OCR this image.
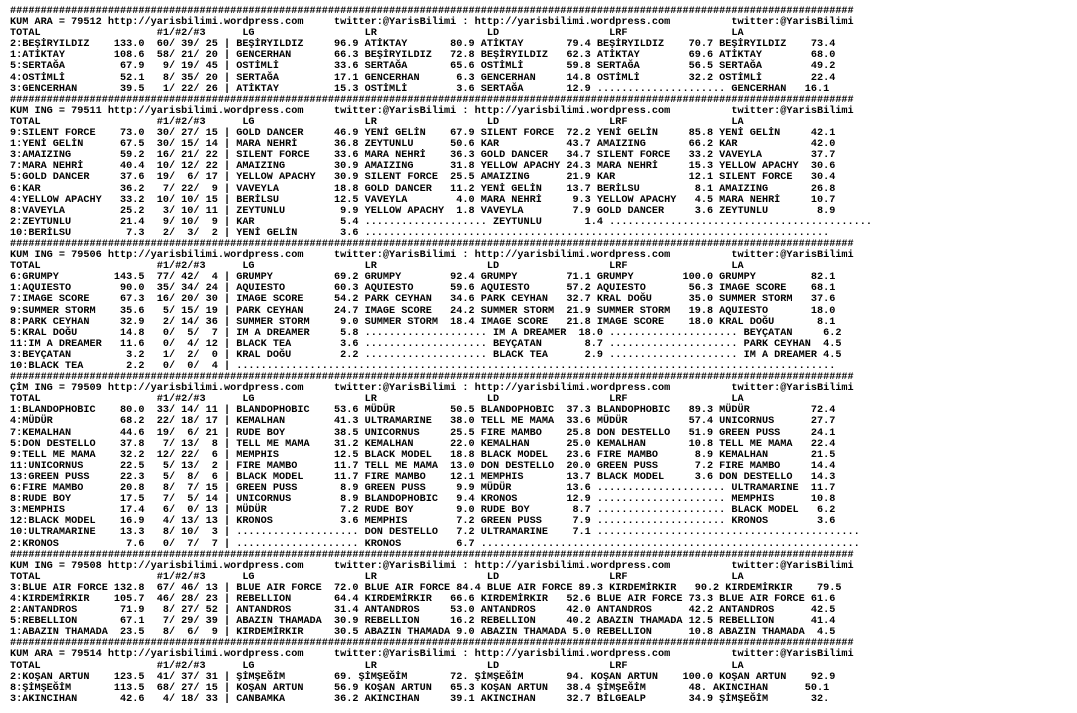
##########################################################################################################################################
KUM ARA = 79512 http://yarisbilimi.wordpress.com     twitter:@YarisBilimi : http://yarisbilimi.wordpress.com          twitter:@YarisBilimi
TOTAL                   #1/#2/#3      LG                  LR                  LD                  LRF                 LA
2:BEŞİRYILDIZ    133.0  60/ 39/ 25 | BEŞİRYILDIZ     96.9 ATİKTAY       80.9 ATİKTAY       79.4 BEŞİRYILDIZ    70.7 BEŞİRYILDIZ    73.4
1:ATİKTAY        108.6  58/ 21/ 20 | GENCERHAN       66.3 BEŞİRYILDIZ   72.8 BEŞİRYILDIZ   62.3 ATİKTAY        69.6 ATİKTAY        68.0
5:SERTAĞA         67.9   9/ 19/ 45 | OSTİMLİ         33.6 SERTAĞA       65.6 OSTİMLİ       59.8 SERTAĞA        56.5 SERTAĞA        49.2
4:OSTİMLİ         52.1   8/ 35/ 20 | SERTAĞA         17.1 GENCERHAN      6.3 GENCERHAN     14.8 OSTİMLİ        32.2 OSTİMLİ        22.4
3:GENCERHAN       39.5   1/ 22/ 26 | ATİKTAY         15.3 OSTİMLİ        3.6 SERTAĞA       12.9 ..................... GENCERHAN   16.1
##########################################################################################################################################
KUM ING = 79511 http://yarisbilimi.wordpress.com     twitter:@YarisBilimi : http://yarisbilimi.wordpress.com          twitter:@YarisBilimi
TOTAL                   #1/#2/#3      LG                  LR                  LD                  LRF                 LA
9:SILENT FORCE    73.0  30/ 27/ 15 | GOLD DANCER     46.9 YENİ GELİN    67.9 SILENT FORCE  72.2 YENİ GELİN     85.8 YENİ GELİN     42.1
1:YENİ GELİN      67.5  30/ 15/ 14 | MARA NEHRİ      36.8 ZEYTUNLU      50.6 KAR           43.7 AMAIZING       66.2 KAR            42.0
3:AMAIZING        59.2  16/ 21/ 22 | SILENT FORCE    33.6 MARA NEHRİ    36.3 GOLD DANCER   34.7 SILENT FORCE   33.2 VAVEYLA        37.7
7:MARA NEHRİ      40.4  10/ 12/ 22 | AMAIZING        30.9 AMAIZING      31.8 YELLOW APACHY 24.3 MARA NEHRİ     15.3 YELLOW APACHY  30.6
5:GOLD DANCER     37.6  19/  6/ 17 | YELLOW APACHY   30.9 SILENT FORCE  25.5 AMAIZING      21.9 KAR            12.1 SILENT FORCE   30.4
6:KAR             36.2   7/ 22/  9 | VAVEYLA         18.8 GOLD DANCER   11.2 YENİ GELİN    13.7 BERİLSU         8.1 AMAIZING       26.8
4:YELLOW APACHY   33.2  10/ 10/ 15 | BERİLSU         12.5 VAVEYLA        4.0 MARA NEHRİ     9.3 YELLOW APACHY   4.5 MARA NEHRİ     10.7
8:VAVEYLA         25.2   3/ 10/ 11 | ZEYTUNLU         9.9 YELLOW APACHY  1.8 VAVEYLA        7.9 GOLD DANCER     3.6 ZEYTUNLU        8.9
2:ZEYTUNLU        21.4   9/ 10/  9 | KAR              5.4 .................... ZEYTUNLU       1.4 ...........................................
10:BERİLSU         7.3   2/  3/  2 | YENİ GELİN       3.6 ............................................................................
##########################################################################################################################################
KUM ING = 79506 http://yarisbilimi.wordpress.com     twitter:@YarisBilimi : http://yarisbilimi.wordpress.com          twitter:@YarisBilimi
TOTAL                   #1/#2/#3      LG                  LR                  LD                  LRF                 LA
6:GRUMPY         143.5  77/ 42/  4 | GRUMPY          69.2 GRUMPY        92.4 GRUMPY        71.1 GRUMPY        100.0 GRUMPY         82.1
1:AQUIESTO        90.0  35/ 34/ 24 | AQUIESTO        60.3 AQUIESTO      59.6 AQUIESTO      57.2 AQUIESTO       56.3 IMAGE SCORE    68.1
7:IMAGE SCORE     67.3  16/ 20/ 30 | IMAGE SCORE     54.2 PARK CEYHAN   34.6 PARK CEYHAN   32.7 KRAL DOĞU      35.0 SUMMER STORM   37.6
9:SUMMER STORM    35.6   5/ 15/ 19 | PARK CEYHAN     24.7 IMAGE SCORE   24.2 SUMMER STORM  21.9 SUMMER STORM   19.8 AQUIESTO       18.0
8:PARK CEYHAN     32.9   2/ 14/ 36 | SUMMER STORM     9.0 SUMMER STORM  18.4 IMAGE SCORE   21.8 IMAGE SCORE    18.0 KRAL DOĞU       8.1
5:KRAL DOĞU       14.8   0/  5/  7 | IM A DREAMER     5.8 .................... IM A DREAMER  18.0 ..................... BEYÇATAN     6.2
11:IM A DREAMER   11.6   0/  4/ 12 | BLACK TEA        3.6 .................... BEYÇATAN       8.7 ..................... PARK CEYHAN  4.5
3:BEYÇATAN         3.2   1/  2/  0 | KRAL DOĞU        2.2 .................... BLACK TEA      2.9 ..................... IM A DREAMER 4.5
10:BLACK TEA       2.2   0/  0/  4 | ..................................................................................................
##########################################################################################################################################
ÇİM ING = 79509 http://yarisbilimi.wordpress.com     twitter:@YarisBilimi : http://yarisbilimi.wordpress.com          twitter:@YarisBilimi
TOTAL                   #1/#2/#3      LG                  LR                  LD                  LRF                 LA
1:BLANDOPHOBIC    80.0  33/ 14/ 11 | BLANDOPHOBIC    53.6 MÜDÜR         50.5 BLANDOPHOBIC  37.3 BLANDOPHOBIC   89.3 MÜDÜR          72.4
4:MÜDÜR           68.2  22/ 18/ 17 | KEMALHAN        41.3 ULTRAMARINE   38.0 TELL ME MAMA  33.6 MÜDÜR          57.4 UNICORNUS      27.7
7:KEMALHAN        44.6  19/  6/ 21 | RUDE BOY        38.5 UNICORNUS     25.5 FIRE MAMBO    25.8 DON DESTELLO   51.9 GREEN PUSS     24.1
5:DON DESTELLO    37.8   7/ 13/  8 | TELL ME MAMA    31.2 KEMALHAN      22.0 KEMALHAN      25.0 KEMALHAN       10.8 TELL ME MAMA   22.4
9:TELL ME MAMA    32.2  12/ 22/  6 | MEMPHIS         12.5 BLACK MODEL   18.8 BLACK MODEL   23.6 FIRE MAMBO      8.9 KEMALHAN       21.5
11:UNICORNUS      22.5   5/ 13/  2 | FIRE MAMBO      11.7 TELL ME MAMA  13.0 DON DESTELLO  20.0 GREEN PUSS      7.2 FIRE MAMBO     14.4
13:GREEN PUSS     22.3   5/  8/  6 | BLACK MODEL     11.7 FIRE MAMBO    12.1 MEMPHIS       13.7 BLACK MODEL     3.6 DON DESTELLO   14.3
6:FIRE MAMBO      20.8   8/  7/ 15 | GREEN PUSS       8.9 GREEN PUSS     9.9 MÜDÜR         13.6 ..................... ULTRAMARINE  11.7
8:RUDE BOY        17.5   7/  5/ 14 | UNICORNUS        8.9 BLANDOPHOBIC   9.4 KRONOS        12.9 ..................... MEMPHIS      10.8
3:MEMPHIS         17.4   6/  0/ 13 | MÜDÜR            7.2 RUDE BOY       9.0 RUDE BOY       8.7 ..................... BLACK MODEL   6.2
12:BLACK MODEL    16.9   4/ 13/ 13 | KRONOS           3.6 MEMPHIS        7.2 GREEN PUSS     7.9 ..................... KRONOS        3.6
10:ULTRAMARINE    13.3   8/ 10/  3 | .................... DON DESTELLO   7.2 ULTRAMARINE    7.1 ...........................................
2:KRONOS           7.6   0/  7/  7 | .................... KRONOS         6.7 ..............................................................
##########################################################################################################################################
KUM ING = 79508 http://yarisbilimi.wordpress.com     twitter:@YarisBilimi : http://yarisbilimi.wordpress.com          twitter:@YarisBilimi
TOTAL                   #1/#2/#3      LG                  LR                  LD                  LRF                 LA
3:BLUE AIR FORCE 132.8  67/ 46/ 13 | BLUE AIR FORCE  72.0 BLUE AIR FORCE 84.4 BLUE AIR FORCE 89.3 KIRDEMİRKIR   90.2 KIRDEMİRKIR    79.5
4:KIRDEMİRKIR    105.7  46/ 28/ 23 | REBELLION       64.4 KIRDEMİRKIR   66.6 KIRDEMİRKIR   52.6 BLUE AIR FORCE 73.3 BLUE AIR FORCE 61.6
2:ANTANDROS       71.9   8/ 27/ 52 | ANTANDROS       31.4 ANTANDROS     53.0 ANTANDROS     42.0 ANTANDROS      42.2 ANTANDROS      42.5
5:REBELLION       67.1   7/ 29/ 39 | ABAZIN THAMADA  30.9 REBELLION     16.2 REBELLION     40.2 ABAZIN THAMADA 12.5 REBELLION      41.4
1:ABAZIN THAMADA  23.5   8/  6/  9 | KIRDEMİRKIR     30.5 ABAZIN THAMADA 9.0 ABAZIN THAMADA 5.0 REBELLION      10.8 ABAZIN THAMADA  4.5
##########################################################################################################################################
KUM ARA = 79514 http://yarisbilimi.wordpress.com     twitter:@YarisBilimi : http://yarisbilimi.wordpress.com          twitter:@YarisBilimi
TOTAL                   #1/#2/#3      LG                  LR                  LD                  LRF                 LA
2:KOŞAN ARTUN    123.5  41/ 37/ 31 | ŞİMŞEĞİM        69. ŞİMŞEĞİM       72. ŞİMŞEĞİM       94. KOŞAN ARTUN    100.0 KOŞAN ARTUN    92.9
8:ŞİMŞEĞİM       113.5  68/ 27/ 15 | KOŞAN ARTUN     56.9 KOŞAN ARTUN   65.3 KOŞAN ARTUN   38.4 ŞİMŞEĞİM       48. AKINCIHAN      50.1
3:AKINCIHAN       42.6   4/ 18/ 33 | CANBAMKA        36.2 AKINCIHAN     39.1 AKINCIHAN     32.7 BİLGEALP       34.9 ŞİMŞEĞİM       32.
